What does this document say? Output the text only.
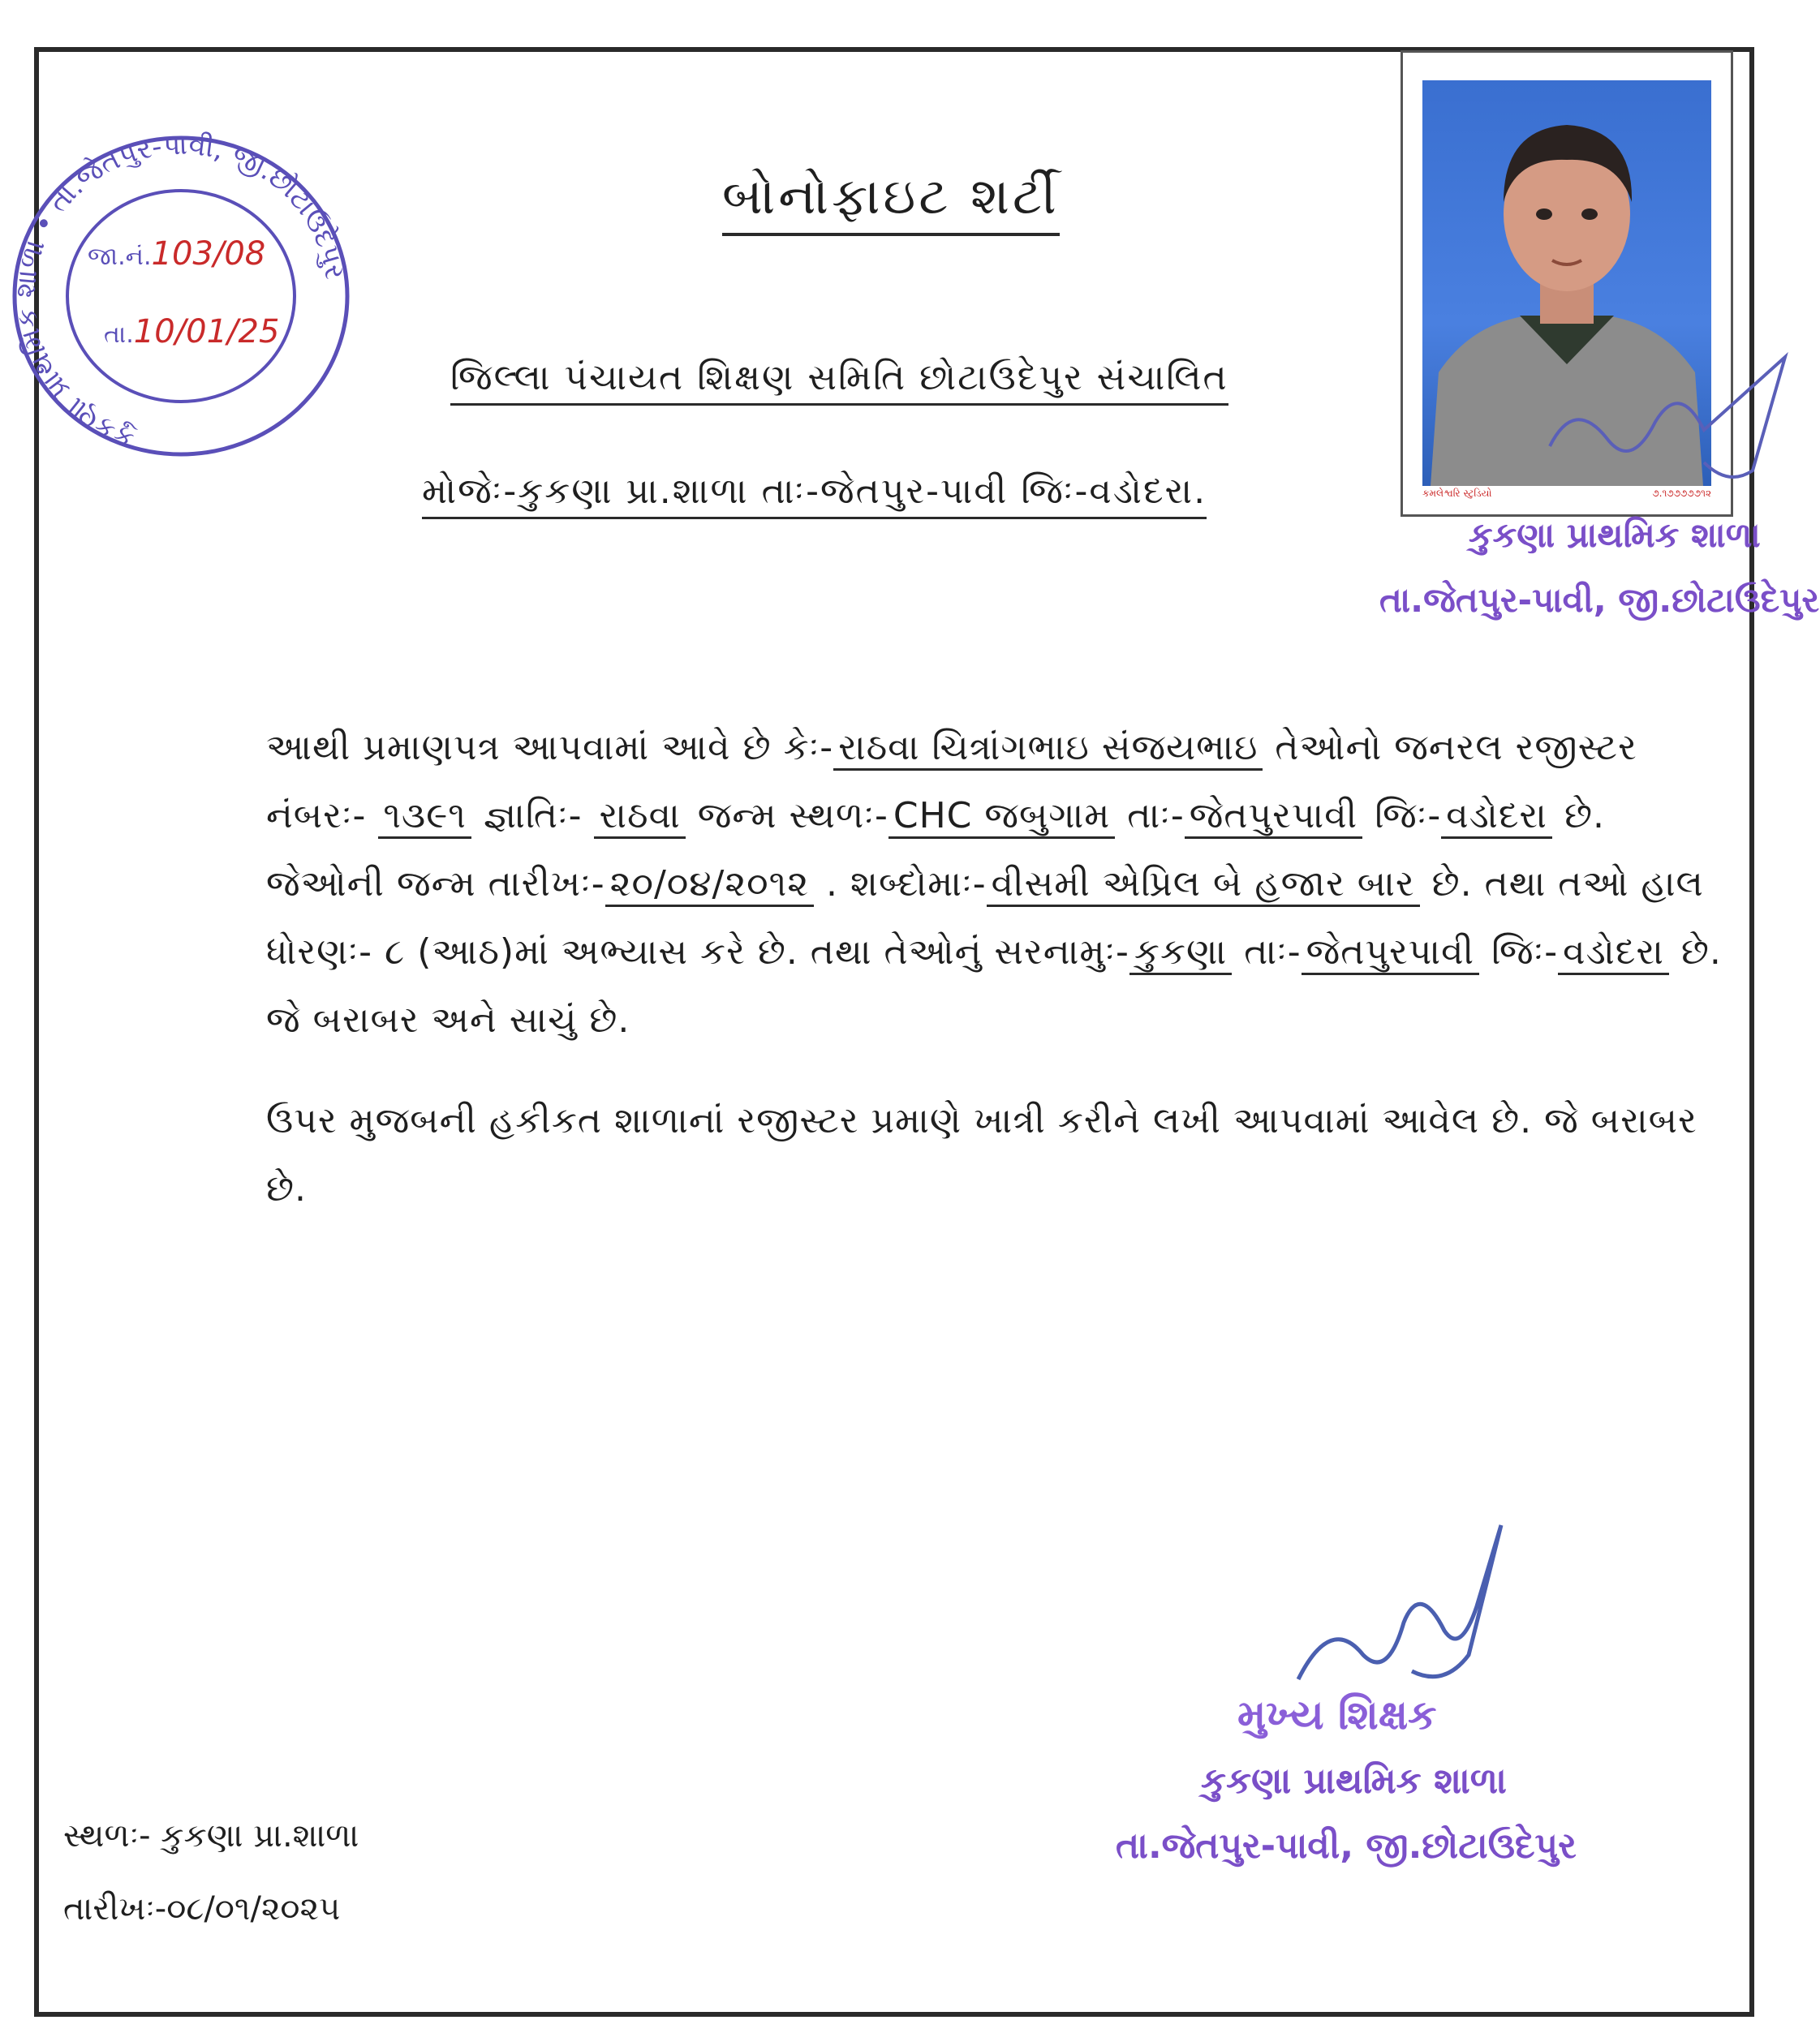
કુકણા પ્રાથમિક શાળા • તા.જેતપુર-પાવી, જી.છોટાઉદેપુર
જા.નં.103/08
તા.10/01/25
બોનોફાઇટ શર્ટી
જિલ્લા પંચાયત શિક્ષણ સમિતિ છોટાઉદેપુર સંચાલિત
મોજેઃ-કુકણા પ્રા.શાળા તાઃ-જેતપુર-પાવી જિઃ-વડોદરા.	કમલેશ્વરિ સ્ટુડિયો	૭.૧૭૭૭૭૭૧૨
કુકણા પ્રાથમિક શાળા
તા.જેતપુર-પાવી, જી.છોટાઉદેપુર

આથી પ્રમાણપત્ર આપવામાં આવે છે કેઃ- રાઠવા ચિત્રાંગભાઇ સંજયભાઇ તેઓનો જનરલ રજીસ્ટર નંબરઃ- ૧૩૯૧ જ્ઞાતિઃ- રાઠવા જન્મ સ્થળઃ- CHC જબુગામ તાઃ- જેતપુરપાવી જિઃ- વડોદરા છે. જેઓની જન્મ તારીખઃ- ૨૦/૦૪/૨૦૧૨ . શબ્દોમાઃ- વીસમી એપ્રિલ બે હજાર બાર છે. તથા તઓ હાલ ધોરણઃ- ૮ (આઠ)માં અભ્યાસ કરે છે. તથા તેઓનું સરનામુઃ- કુકણા તાઃ- જેતપુરપાવી જિઃ- વડોદરા છે. જે બરાબર અને સાચું છે.

ઉપર મુજબની હકીકત શાળાનાં રજીસ્ટર પ્રમાણે ખાત્રી કરીને લખી આપવામાં આવેલ છે. જે બરાબર છે.

મુખ્ય શિક્ષક
કુકણા પ્રાથમિક શાળા
તા.જેતપુર-પાવી, જી.છોટાઉદેપુર
સ્થળઃ- કુકણા પ્રા.શાળા
તારીખઃ-૦૮/૦૧/૨૦૨૫
